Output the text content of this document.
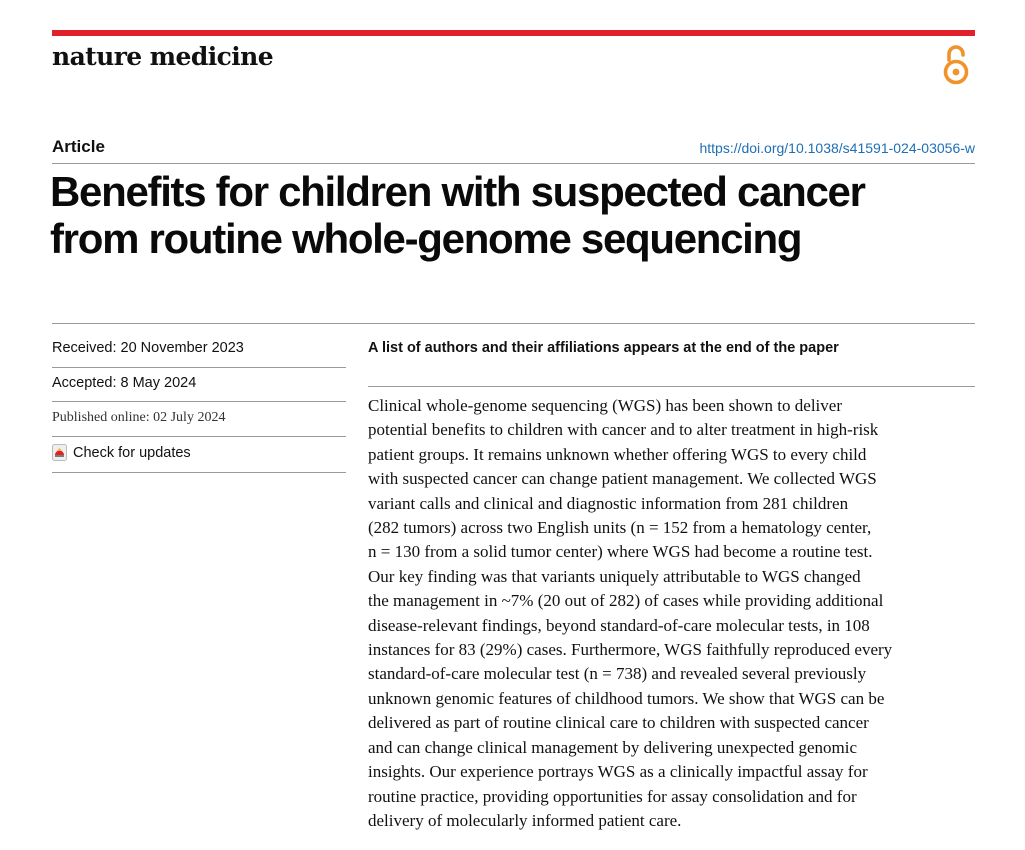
nature medicine
Article	https://doi.org/10.1038/s41591-024-03056-w
Benefits for children with suspected cancer
from routine whole-genome sequencing
Received: 20 November 2023
Accepted: 8 May 2024
Published online: 02 July 2024
Check for updates
A list of authors and their affiliations appears at the end of the paper
Clinical whole-genome sequencing (WGS) has been shown to deliver
potential benefits to children with cancer and to alter treatment in high-risk
patient groups. It remains unknown whether offering WGS to every child
with suspected cancer can change patient management. We collected WGS
variant calls and clinical and diagnostic information from 281 children
(282 tumors) across two English units (n = 152 from a hematology center,
n = 130 from a solid tumor center) where WGS had become a routine test.
Our key finding was that variants uniquely attributable to WGS changed
the management in ~7% (20 out of 282) of cases while providing additional
disease-relevant findings, beyond standard-of-care molecular tests, in 108
instances for 83 (29%) cases. Furthermore, WGS faithfully reproduced every
standard-of-care molecular test (n = 738) and revealed several previously
unknown genomic features of childhood tumors. We show that WGS can be
delivered as part of routine clinical care to children with suspected cancer
and can change clinical management by delivering unexpected genomic
insights. Our experience portrays WGS as a clinically impactful assay for
routine practice, providing opportunities for assay consolidation and for
delivery of molecularly informed patient care.
